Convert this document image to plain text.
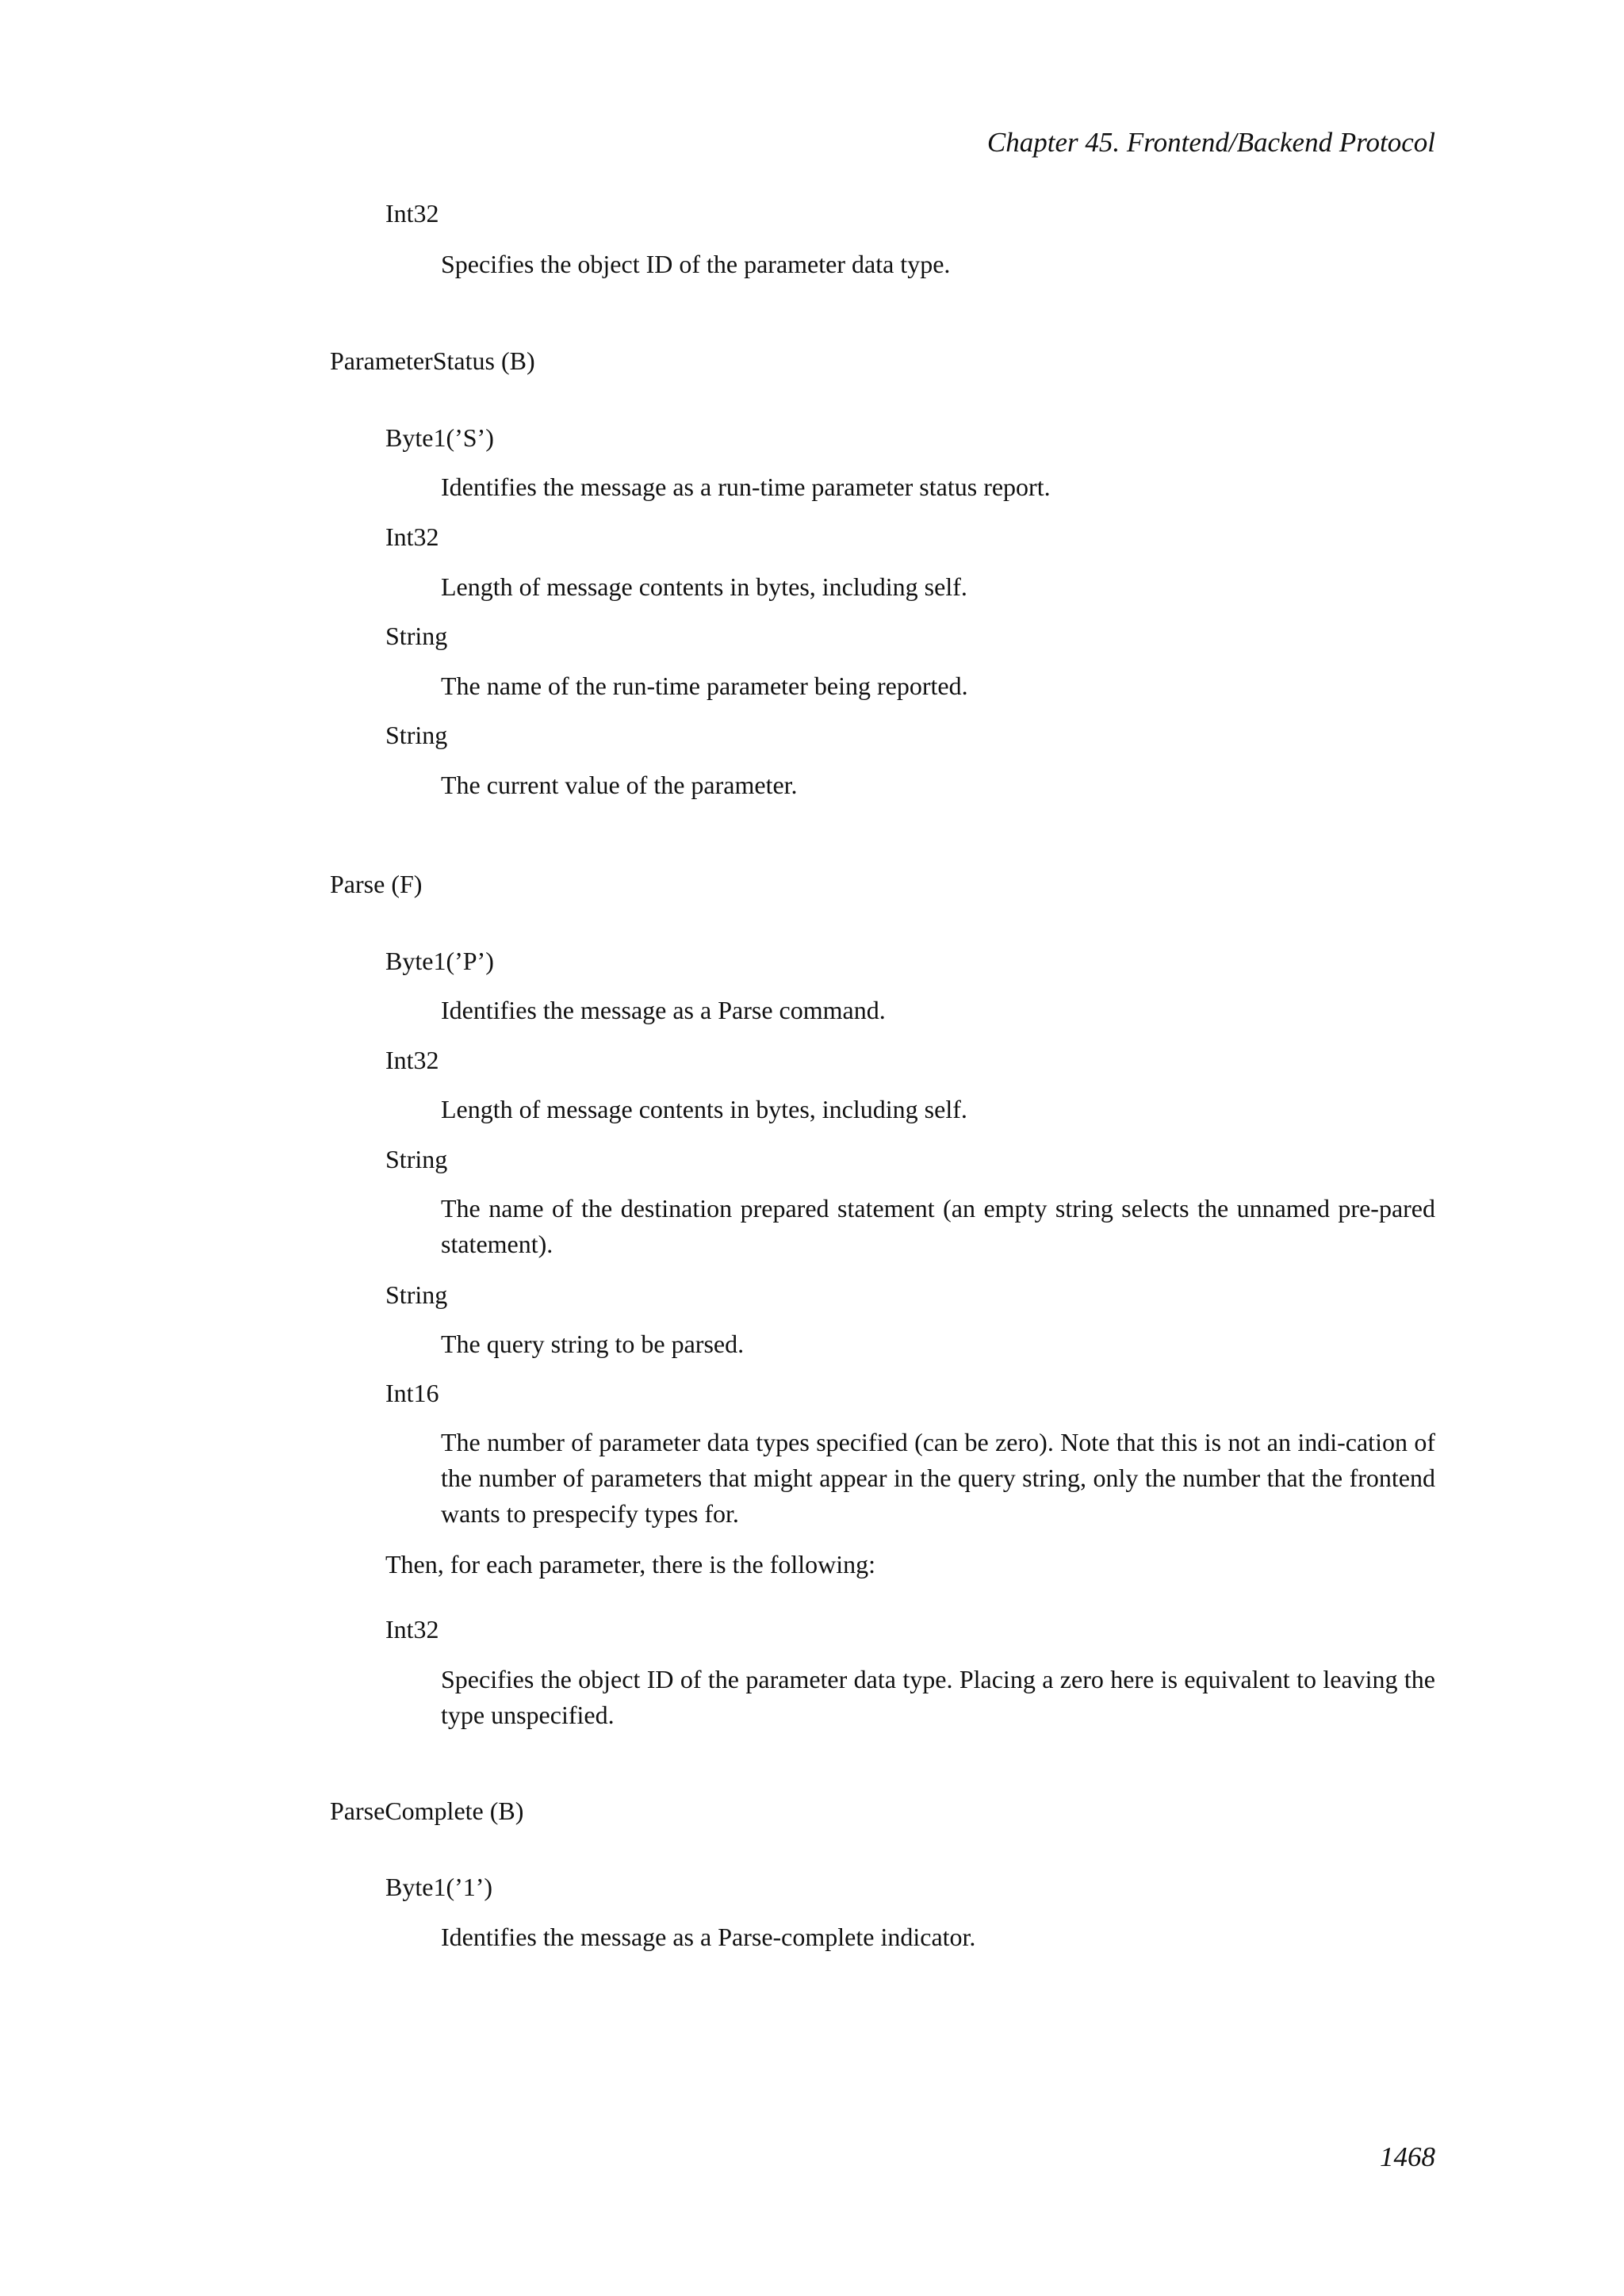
Chapter 45. Frontend/Backend Protocol
Int32
Specifies the object ID of the parameter data type.
ParameterStatus (B)
Byte1(’S’)
Identifies the message as a run-time parameter status report.
Int32
Length of message contents in bytes, including self.
String
The name of the run-time parameter being reported.
String
The current value of the parameter.
Parse (F)
Byte1(’P’)
Identifies the message as a Parse command.
Int32
Length of message contents in bytes, including self.
String
The name of the destination prepared statement (an empty string selects the unnamed pre-pared statement).
String
The query string to be parsed.
Int16
The number of parameter data types specified (can be zero). Note that this is not an indi-cation of the number of parameters that might appear in the query string, only the number that the frontend wants to prespecify types for.
Then, for each parameter, there is the following:
Int32
Specifies the object ID of the parameter data type. Placing a zero here is equivalent to leaving the type unspecified.
ParseComplete (B)
Byte1(’1’)
Identifies the message as a Parse-complete indicator.
1468
